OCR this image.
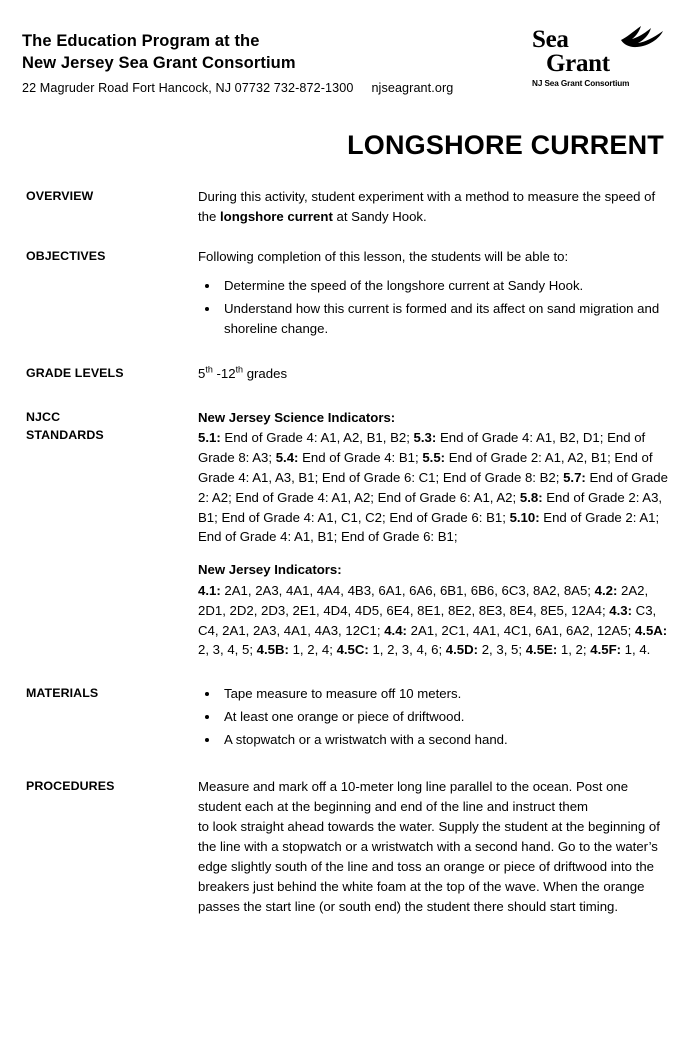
The Education Program at the
New Jersey Sea Grant Consortium
22 Magruder Road Fort Hancock, NJ 07732 732-872-1300 njseagrant.org
Sea
Grant
NJ Sea Grant Consortium
LONGSHORE CURRENT
OVERVIEW	During this activity, student experiment with a method to measure the speed of the longshore current at Sandy Hook.

OBJECTIVES	Following completion of this lesson, the students will be able to:

• Determine the speed of the longshore current at Sandy Hook.
• Understand how this current is formed and its affect on sand migration and shoreline change.
GRADE LEVELS	5th -12th grades

NJCC
STANDARDS

New Jersey Science Indicators:

5.1: End of Grade 4: A1, A2, B1, B2; 5.3: End of Grade 4: A1, B2, D1; End of Grade 8: A3; 5.4: End of Grade 4: B1; 5.5: End of Grade 2: A1, A2, B1; End of Grade 4: A1, A3, B1; End of Grade 6: C1; End of Grade 8: B2; 5.7: End of Grade 2: A2; End of Grade 4: A1, A2; End of Grade 6: A1, A2; 5.8: End of Grade 2: A3, B1; End of Grade 4: A1, C1, C2; End of Grade 6: B1; 5.10: End of Grade 2: A1; End of Grade 4: A1, B1; End of Grade 6: B1;

New Jersey Indicators:

4.1: 2A1, 2A3, 4A1, 4A4, 4B3, 6A1, 6A6, 6B1, 6B6, 6C3, 8A2, 8A5; 4.2: 2A2, 2D1, 2D2, 2D3, 2E1, 4D4, 4D5, 6E4, 8E1, 8E2, 8E3, 8E4, 8E5, 12A4; 4.3: C3, C4, 2A1, 2A3, 4A1, 4A3, 12C1; 4.4: 2A1, 2C1, 4A1, 4C1, 6A1, 6A2, 12A5; 4.5A: 2, 3, 4, 5; 4.5B: 1, 2, 4; 4.5C: 1, 2, 3, 4, 6; 4.5D: 2, 3, 5; 4.5E: 1, 2; 4.5F: 1, 4.

MATERIALS	• Tape measure to measure off 10 meters.
• At least one orange or piece of driftwood.
• A stopwatch or a wristwatch with a second hand.
PROCEDURES	Measure and mark off a 10-meter long line parallel to the ocean. Post one student each at the beginning and end of the line and instruct them

to look straight ahead towards the water. Supply the student at the beginning of the line with a stopwatch or a wristwatch with a second hand. Go to the water’s edge slightly south of the line and toss an orange or piece of driftwood into the breakers just behind the white foam at the top of the wave. When the orange passes the start line (or south end) the student there should start timing.
